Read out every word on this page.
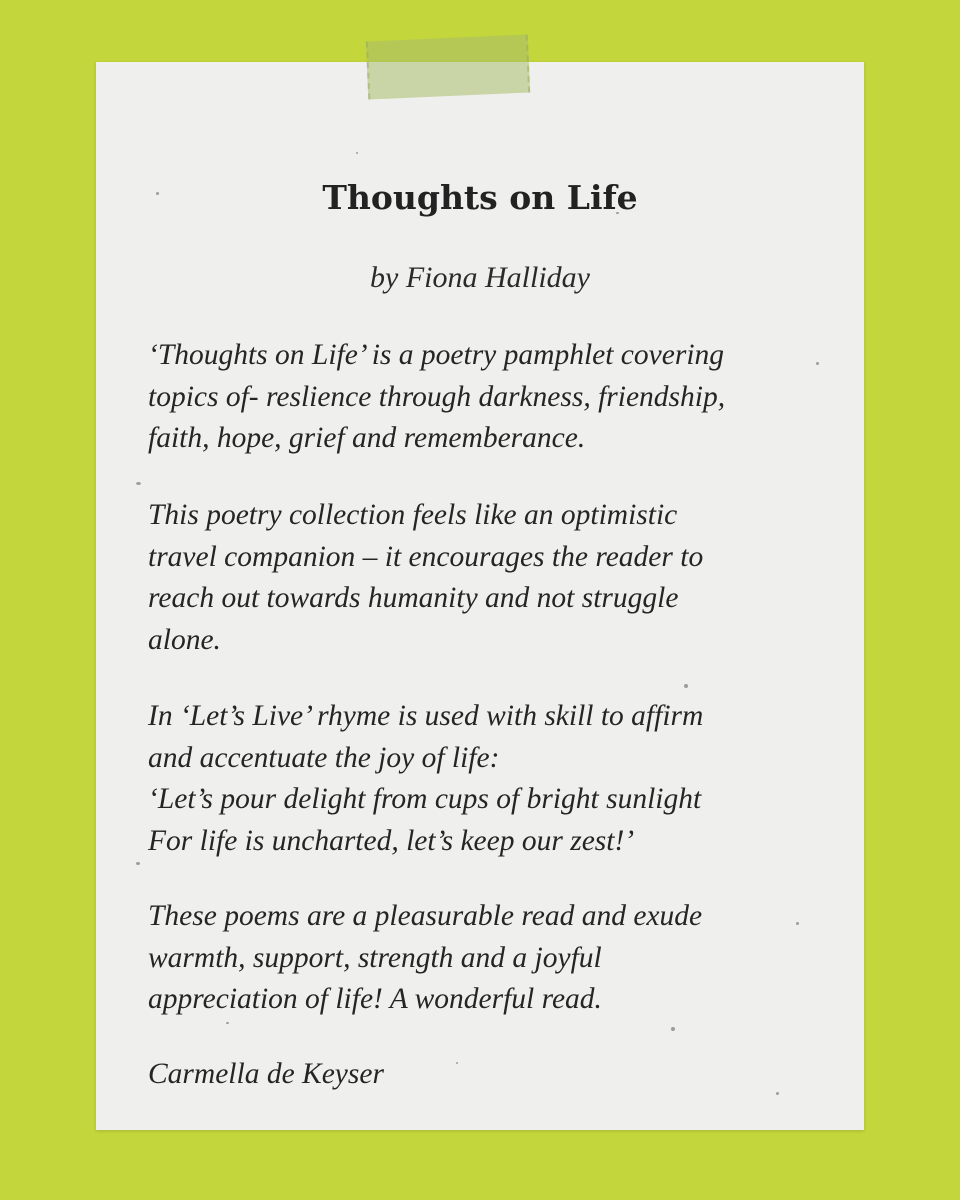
Thoughts on Life

by Fiona Halliday

‘Thoughts on Life’ is a poetry pamphlet covering
topics of- reslience through darkness, friendship,
faith, hope, grief and rememberance.
This poetry collection feels like an optimistic
travel companion – it encourages the reader to
reach out towards humanity and not struggle
alone.
In ‘Let’s Live’ rhyme is used with skill to affirm
and accentuate the joy of life:
‘Let’s pour delight from cups of bright sunlight
For life is uncharted, let’s keep our zest!’
These poems are a pleasurable read and exude
warmth, support, strength and a joyful
appreciation of life! A wonderful read.
Carmella de Keyser
